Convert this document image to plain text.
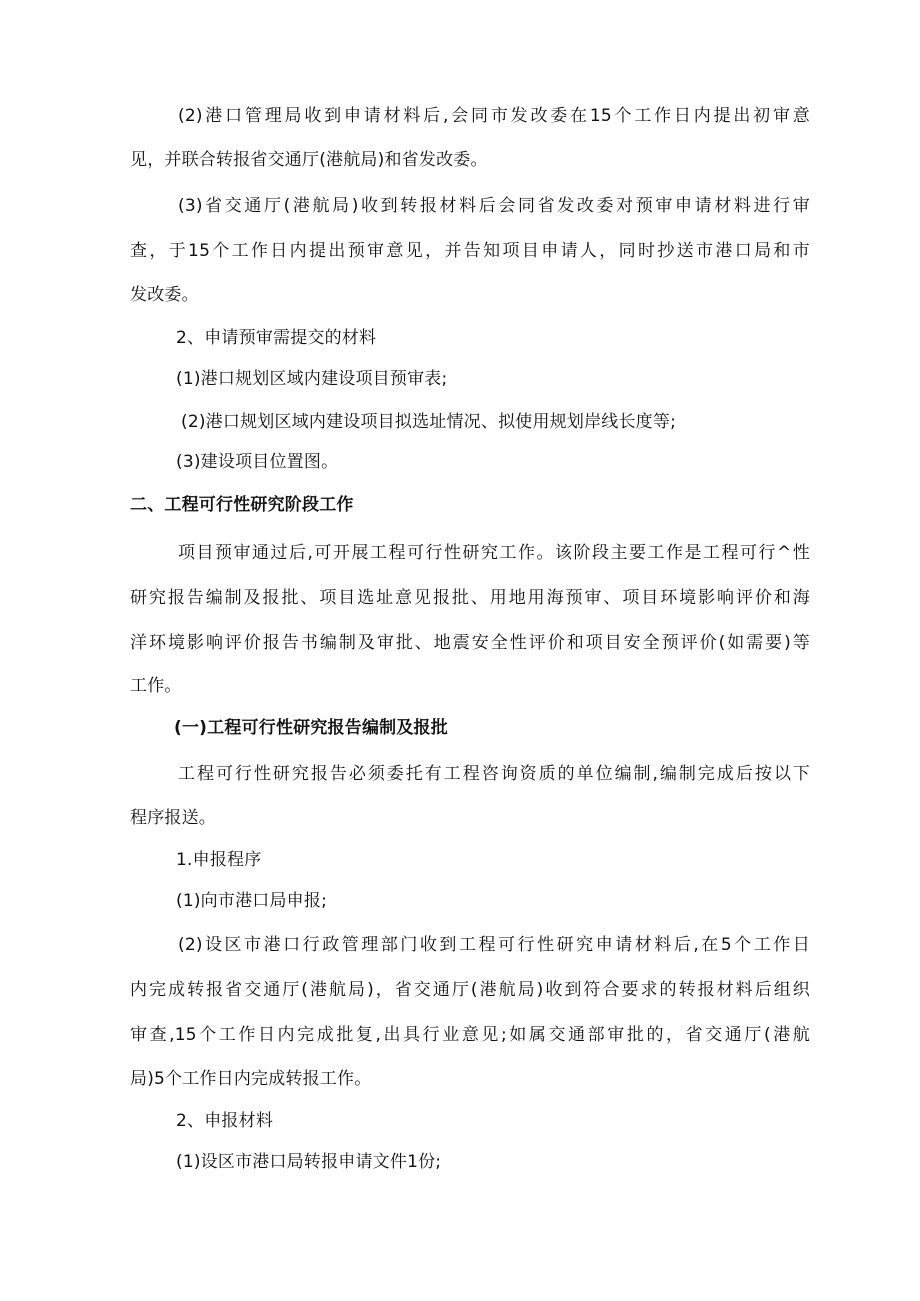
(2)港口管理局收到申请材料后,会同市发改委在15个工作日内提出初审意
见，并联合转报省交通厅(港航局)和省发改委。
(3)省交通厅(港航局)收到转报材料后会同省发改委对预审申请材料进行审
查，于15个工作日内提出预审意见，并告知项目申请人，同时抄送市港口局和市
发改委。
2、申请预审需提交的材料
(1)港口规划区域内建设项目预审表;
(2)港口规划区域内建设项目拟选址情况、拟使用规划岸线长度等;
(3)建设项目位置图。
二、工程可行性研究阶段工作
项目预审通过后,可开展工程可行性研究工作。该阶段主要工作是工程可行^性
研究报告编制及报批、项目选址意见报批、用地用海预审、项目环境影响评价和海
洋环境影响评价报告书编制及审批、地震安全性评价和项目安全预评价(如需要)等
工作。
(一)工程可行性研究报告编制及报批
工程可行性研究报告必须委托有工程咨询资质的单位编制,编制完成后按以下
程序报送。
1.申报程序
(1)向市港口局申报;
(2)设区市港口行政管理部门收到工程可行性研究申请材料后,在5个工作日
内完成转报省交通厅(港航局)，省交通厅(港航局)收到符合要求的转报材料后组织
审查,15个工作日内完成批复,出具行业意见;如属交通部审批的，省交通厅(港航
局)5个工作日内完成转报工作。
2、申报材料
(1)设区市港口局转报申请文件1份;
